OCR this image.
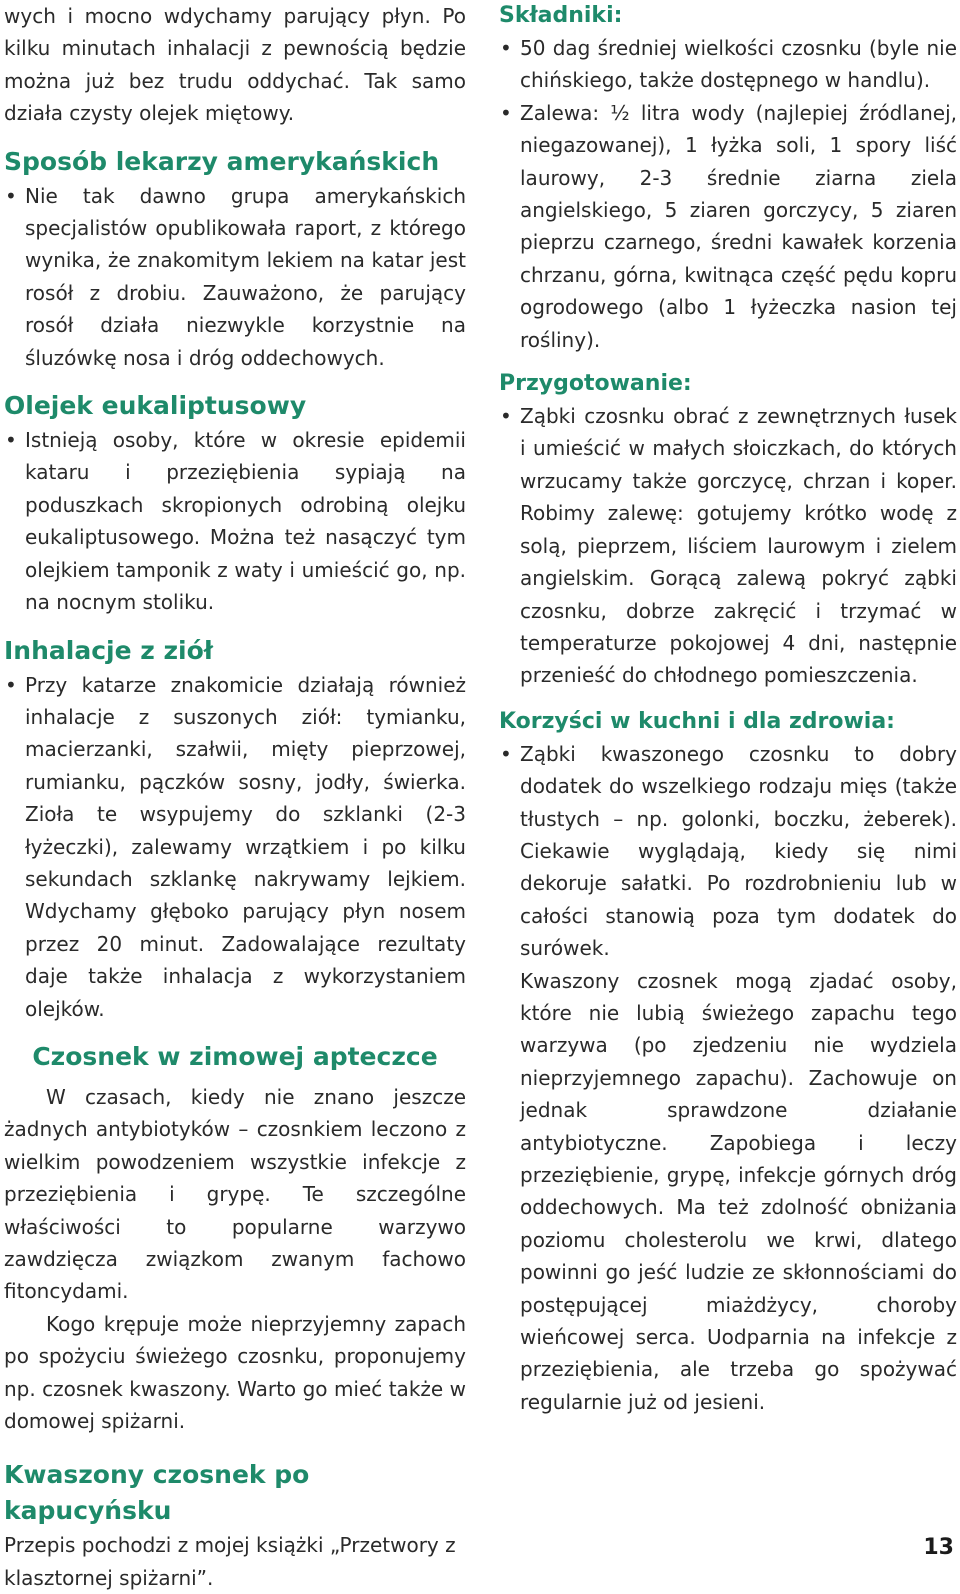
wych i mocno wdychamy parujący płyn. Po kilku minutach inhalacji z pewnością będzie można już bez trudu oddychać. Tak samo działa czysty olejek miętowy.

Sposób lekarzy amerykańskich

• Nie tak dawno grupa amerykańskich specjalistów opublikowała raport, z którego wynika, że znakomitym lekiem na katar jest rosół z drobiu. Zauważono, że parujący rosół działa niezwykle korzystnie na śluzówkę nosa i dróg oddechowych.

Olejek eukaliptusowy

• Istnieją osoby, które w okresie epidemii kataru i przeziębienia sypiają na poduszkach skropionych odrobiną olejku eukaliptusowego. Można też nasączyć tym olejkiem tamponik z waty i umieścić go, np. na nocnym stoliku.

Inhalacje z ziół

• Przy katarze znakomicie działają również inhalacje z suszonych ziół: tymianku, macierzanki, szałwii, mięty pieprzowej, rumianku, pączków sosny, jodły, świerka. Zioła te wsypujemy do szklanki (2-3 łyżeczki), zalewamy wrzątkiem i po kilku sekundach szklankę nakrywamy lejkiem. Wdychamy głęboko parujący płyn nosem przez 20 minut. Zadowalające rezultaty daje także inhalacja z wykorzystaniem olejków.

Czosnek w zimowej apteczce

W czasach, kiedy nie znano jeszcze żadnych antybiotyków – czosnkiem leczono z wielkim powodzeniem wszystkie infekcje z przeziębienia i grypę. Te szczególne właściwości to popularne warzywo zawdzięcza związkom zwanym fachowo fitoncydami.

Kogo krępuje może nieprzyjemny zapach po spożyciu świeżego czosnku, proponujemy np. czosnek kwaszony. Warto go mieć także w domowej spiżarni.

Kwaszony czosnek po kapucyńsku

Przepis pochodzi z mojej książki „Przetwory z klasztornej spiżarni”.

Składniki:

• 50 dag średniej wielkości czosnku (byle nie chińskiego, także dostępnego w handlu).

• Zalewa: ½ litra wody (najlepiej źródlanej, niegazowanej), 1 łyżka soli, 1 spory liść laurowy, 2-3 średnie ziarna ziela angielskiego, 5 ziaren gorczycy, 5 ziaren pieprzu czarnego, średni kawałek korzenia chrzanu, górna, kwitnąca część pędu kopru ogrodowego (albo 1 łyżeczka nasion tej rośliny).

Przygotowanie:

• Ząbki czosnku obrać z zewnętrznych łusek i umieścić w małych słoiczkach, do których wrzucamy także gorczycę, chrzan i koper. Robimy zalewę: gotujemy krótko wodę z solą, pieprzem, liściem laurowym i zielem angielskim. Gorącą zalewą pokryć ząbki czosnku, dobrze zakręcić i trzymać w temperaturze pokojowej 4 dni, następnie przenieść do chłodnego pomieszczenia.

Korzyści w kuchni i dla zdrowia:

• Ząbki kwaszonego czosnku to dobry dodatek do wszelkiego rodzaju mięs (także tłustych – np. golonki, boczku, żeberek). Ciekawie wyglądają, kiedy się nimi dekoruje sałatki. Po rozdrobnieniu lub w całości stanowią poza tym dodatek do surówek.

Kwaszony czosnek mogą zjadać osoby, które nie lubią świeżego zapachu tego warzywa (po zjedzeniu nie wydziela nieprzyjemnego zapachu). Zachowuje on jednak sprawdzone działanie antybiotyczne. Zapobiega i leczy przeziębienie, grypę, infekcje górnych dróg oddechowych. Ma też zdolność obniżania poziomu cholesterolu we krwi, dlatego powinni go jeść ludzie ze skłonnościami do postępującej miażdżycy, choroby wieńcowej serca. Uodparnia na infekcje z przeziębienia, ale trzeba go spożywać regularnie już od jesieni.

13
